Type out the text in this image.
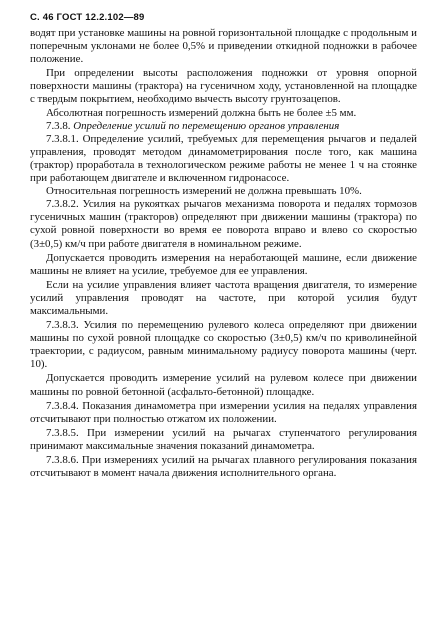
С. 46 ГОСТ 12.2.102—89

водят при установке машины на ровной горизонтальной площадке с продольным и поперечным уклонами не более 0,5% и приведении откидной подножки в рабочее положение.

При определении высоты расположения подножки от уровня опорной поверхности машины (трактора) на гусеничном ходу, установленной на площадке с твердым покрытием, необходимо вычесть высоту грунтозацепов.

Абсолютная погрешность измерений должна быть не более ±5 мм.

7.3.8. Определение усилий по перемещению органов управления

7.3.8.1. Определение усилий, требуемых для перемещения рычагов и педалей управления, проводят методом динамометрирования после того, как машина (трактор) проработала в технологическом режиме работы не менее 1 ч на стоянке при работающем двигателе и включенном гидронасосе.

Относительная погрешность измерений не должна превышать 10%.

7.3.8.2. Усилия на рукоятках рычагов механизма поворота и педалях тормозов гусеничных машин (тракторов) определяют при движении машины (трактора) по сухой ровной поверхности во время ее поворота вправо и влево со скоростью (3±0,5) км/ч при работе двигателя в номинальном режиме.

Допускается проводить измерения на неработающей машине, если движение машины не влияет на усилие, требуемое для ее управления.

Если на усилие управления влияет частота вращения двигателя, то измерение усилий управления проводят на частоте, при которой усилия будут максимальными.

7.3.8.3. Усилия по перемещению рулевого колеса определяют при движении машины по сухой ровной площадке со скоростью (3±0,5) км/ч по криволинейной траектории, с радиусом, равным минимальному радиусу поворота машины (черт. 10).

Допускается проводить измерение усилий на рулевом колесе при движении машины по ровной бетонной (асфальто-бетонной) площадке.

7.3.8.4. Показания динамометра при измерении усилия на педалях управления отсчитывают при полностью отжатом их положении.

7.3.8.5. При измерении усилий на рычагах ступенчатого регулирования принимают максимальные значения показаний динамометра.

7.3.8.6. При измерениях усилий на рычагах плавного регулирования показания отсчитывают в момент начала движения исполнительного органа.
